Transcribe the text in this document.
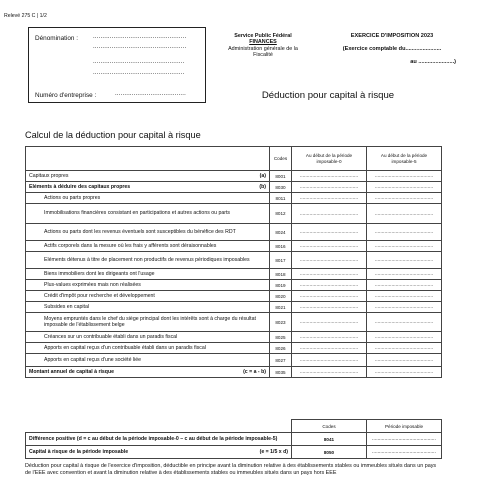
Relevé 275 C | 1/2
Dénomination :	..................................................
..................................................
.................................................
.................................................
Numéro d'entreprise :	......................................
Service Public Fédéral
FINANCES
Administration générale de la
Fiscalité
EXERCICE D'IMPOSITION 2023
(Exercice comptable du.......................
au .......................)
Déduction pour capital à risque
Calcul de la déduction pour capital à risque
	Codes	Au début de la période imposable-0	Au début de la période imposable-5

Capitaux propres (a)	8001	..........................................	..........................................

Eléments à déduire des capitaux propres (b)	8030	..........................................	..........................................

Actions ou parts propres	8011	..........................................	..........................................

Immobilisations financières consistant en participations et autres actions ou parts	8012	..........................................	..........................................

Actions ou parts dont les revenus éventuels sont susceptibles du bénéfice des RDT	8024	..........................................	..........................................

Actifs corporels dans la mesure où les frais y afférents sont déraisonnables	8016	..........................................	..........................................

Eléments détenus à titre de placement non productifs de revenus périodiques imposables	8017	..........................................	..........................................

Biens immobiliers dont les dirigeants ont l'usage	8018	..........................................	..........................................

Plus-values exprimées mais non réalisées	8019	..........................................	..........................................

Crédit d'impôt pour recherche et développement	8020	..........................................	..........................................

Subsides en capital	8021	..........................................	..........................................

Moyens empruntés dans le chef du siège principal dont les intérêts sont à charge du résultat imposable de l'établissement belge	8023	..........................................	..........................................

Créances sur un contribuable établi dans un paradis fiscal	8025	..........................................	..........................................

Apports en capital reçus d'un contribuable établi dans un paradis fiscal	8026	..........................................	..........................................

Apports en capital reçus d'une société liée	8027	..........................................	..........................................

Montant annuel de capital à risque (c = a - b)	8035	..........................................	..........................................
		Codes	Période imposable

Différence positive (d = c au début de la période imposable-0 – c au début de la période imposable-5)		8041	..............................................

Capital à risque de la période imposable (e = 1/5 x d)		8050	..............................................
Déduction pour capital à risque de l'exercice d'imposition, déductible en principe avant la diminution relative à des établissements stables ou immeubles situés dans un pays de l'EEE avec convention et avant la diminution relative à des établissements stables ou immeubles situés dans un pays hors EEE
